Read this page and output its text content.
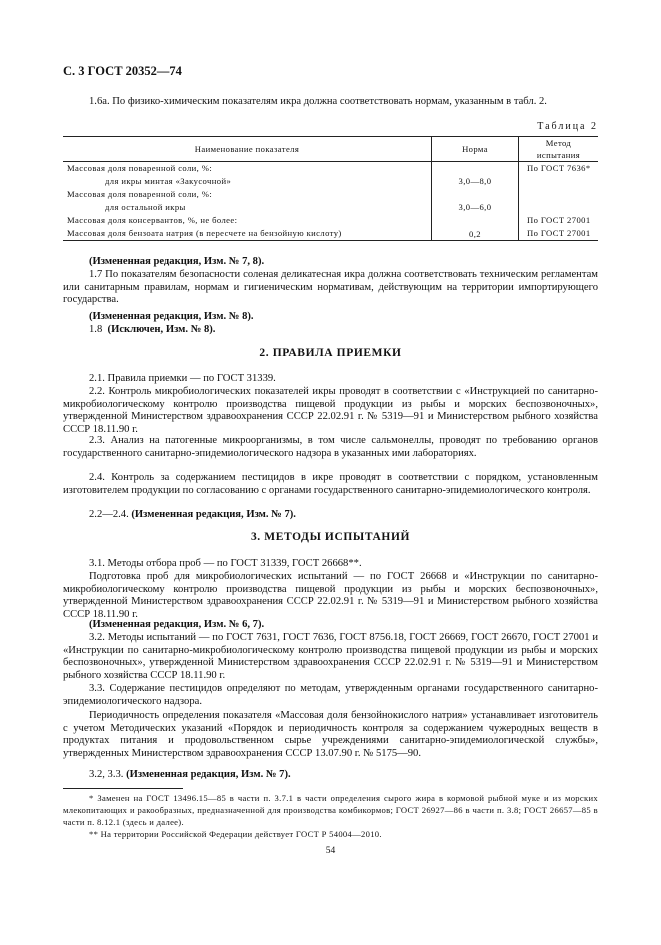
С. 3 ГОСТ 20352—74
1.6а. По физико-химическим показателям икра должна соответствовать нормам, указанным в табл. 2.
Таблица 2
Наименование показателя	Норма	Метод испытания
Массовая доля поваренной соли, %:		По ГОСТ 7636*
для икры минтая «Закусочной»	3,0—8,0	
Массовая доля поваренной соли, %:		
для остальной икры	3,0—6,0	
Массовая доля консервантов, %, не более:		По ГОСТ 27001
Массовая доля бензоата натрия (в пересчете на бензойную кислоту)	0,2	По ГОСТ 27001
(Измененная редакция, Изм. № 7, 8).
1.7 По показателям безопасности соленая деликатесная икра должна соответствовать техническим регламентам или санитарным правилам, нормам и гигиеническим нормативам, действующим на территории импортирующего государства.
(Измененная редакция, Изм. № 8).
1.8 (Исключен, Изм. № 8).
2. ПРАВИЛА ПРИЕМКИ
2.1. Правила приемки — по ГОСТ 31339.
2.2. Контроль микробиологических показателей икры проводят в соответствии с «Инструкцией по санитарно-микробиологическому контролю производства пищевой продукции из рыбы и морских беспозвоночных», утвержденной Министерством здравоохранения СССР 22.02.91 г. № 5319—91 и Министерством рыбного хозяйства СССР 18.11.90 г.
2.3. Анализ на патогенные микроорганизмы, в том числе сальмонеллы, проводят по требованию органов государственного санитарно-эпидемиологического надзора в указанных ими лабораториях.
2.4. Контроль за содержанием пестицидов в икре проводят в соответствии с порядком, установленным изготовителем продукции по согласованию с органами государственного санитарно-эпидемиологического контроля.
2.2—2.4. (Измененная редакция, Изм. № 7).
3. МЕТОДЫ ИСПЫТАНИЙ
3.1. Методы отбора проб — по ГОСТ 31339, ГОСТ 26668**.
Подготовка проб для микробиологических испытаний — по ГОСТ 26668 и «Инструкции по санитарно-микробиологическому контролю производства пищевой продукции из рыбы и морских беспозвоночных», утвержденной Министерством здравоохранения СССР 22.02.91 г. № 5319—91 и Министерством рыбного хозяйства СССР 18.11.90 г.
(Измененная редакция, Изм. № 6, 7).
3.2. Методы испытаний — по ГОСТ 7631, ГОСТ 7636, ГОСТ 8756.18, ГОСТ 26669, ГОСТ 26670, ГОСТ 27001 и «Инструкции по санитарно-микробиологическому контролю производства пищевой продукции из рыбы и морских беспозвоночных», утвержденной Министерством здравоохранения СССР 22.02.91 г. № 5319—91 и Министерством рыбного хозяйства СССР 18.11.90 г.
3.3. Содержание пестицидов определяют по методам, утвержденным органами государственного санитарно-эпидемиологического надзора.
Периодичность определения показателя «Массовая доля бензойнокислого натрия» устанавливает изготовитель с учетом Методических указаний «Порядок и периодичность контроля за содержанием чужеродных веществ в продуктах питания и продовольственном сырье учреждениями санитарно-эпидемиологической службы», утвержденных Министерством здравоохранения СССР 13.07.90 г. № 5175—90.
3.2, 3.3. (Измененная редакция, Изм. № 7).
* Заменен на ГОСТ 13496.15—85 в части п. 3.7.1 в части определения сырого жира в кормовой рыбной муке и из морских млекопитающих и ракообразных, предназначенной для производства комбикормов; ГОСТ 26927—86 в части п. 3.8; ГОСТ 26657—85 в части п. 8.12.1 (здесь и далее).
** На территории Российской Федерации действует ГОСТ Р 54004—2010.
54
